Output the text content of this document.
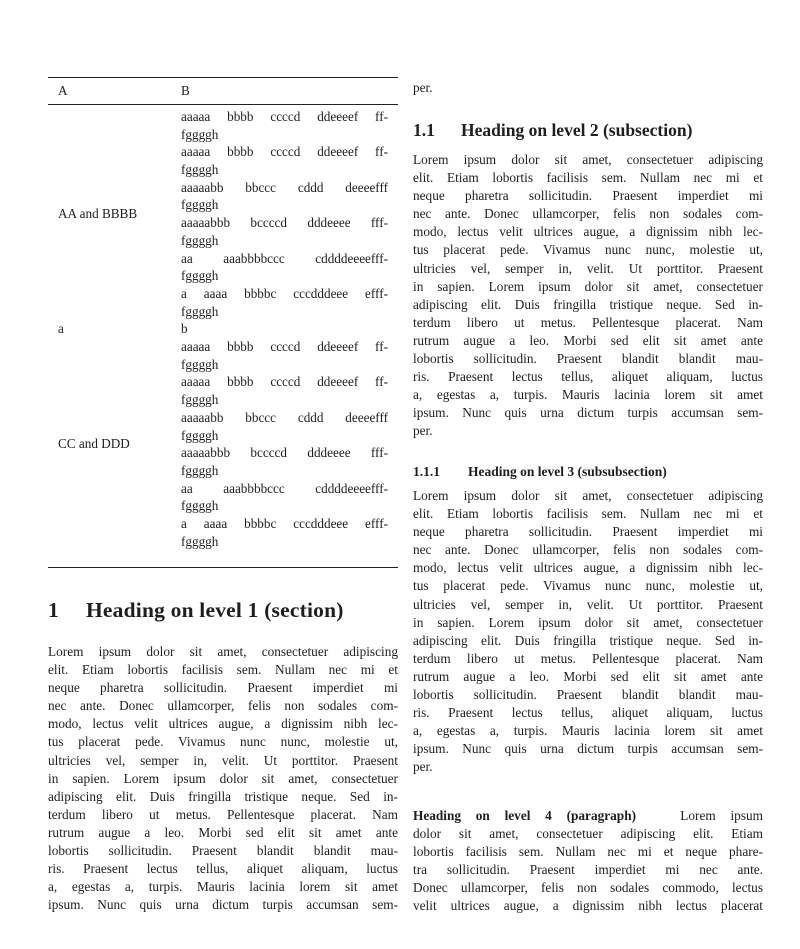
A	B
aaaaa bbbb ccccd ddeeeef ff-
fggggh
aaaaa bbbb ccccd ddeeeef ff-
fggggh
aaaaabb bbccc cddd deeeefff
fggggh
aaaaabbb bccccd dddeeee fff-
fggggh
aa aaabbbbccc cddddeeeefff-
fggggh
a aaaa bbbbc cccdddeee efff-
fggggh
AA and BBBB
b
a
aaaaa bbbb ccccd ddeeeef ff-
fggggh
aaaaa bbbb ccccd ddeeeef ff-
fggggh
aaaaabb bbccc cddd deeeefff
fggggh
aaaaabbb bccccd dddeeee fff-
fggggh
aa aaabbbbccc cddddeeeefff-
fggggh
a aaaa bbbbc cccdddeee efff-
fggggh
CC and DDD
1 Heading on level 1 (section)
Lorem ipsum dolor sit amet, consectetuer adipiscing
elit. Etiam lobortis facilisis sem. Nullam nec mi et
neque pharetra sollicitudin. Praesent imperdiet mi
nec ante. Donec ullamcorper, felis non sodales com-
modo, lectus velit ultrices augue, a dignissim nibh lec-
tus placerat pede. Vivamus nunc nunc, molestie ut,
ultricies vel, semper in, velit. Ut porttitor. Praesent
in sapien. Lorem ipsum dolor sit amet, consectetuer
adipiscing elit. Duis fringilla tristique neque. Sed in-
terdum libero ut metus. Pellentesque placerat. Nam
rutrum augue a leo. Morbi sed elit sit amet ante
lobortis sollicitudin. Praesent blandit blandit mau-
ris. Praesent lectus tellus, aliquet aliquam, luctus
a, egestas a, turpis. Mauris lacinia lorem sit amet
ipsum. Nunc quis urna dictum turpis accumsan sem-
per.
1.1 Heading on level 2 (subsection)
Lorem ipsum dolor sit amet, consectetuer adipiscing
elit. Etiam lobortis facilisis sem. Nullam nec mi et
neque pharetra sollicitudin. Praesent imperdiet mi
nec ante. Donec ullamcorper, felis non sodales com-
modo, lectus velit ultrices augue, a dignissim nibh lec-
tus placerat pede. Vivamus nunc nunc, molestie ut,
ultricies vel, semper in, velit. Ut porttitor. Praesent
in sapien. Lorem ipsum dolor sit amet, consectetuer
adipiscing elit. Duis fringilla tristique neque. Sed in-
terdum libero ut metus. Pellentesque placerat. Nam
rutrum augue a leo. Morbi sed elit sit amet ante
lobortis sollicitudin. Praesent blandit blandit mau-
ris. Praesent lectus tellus, aliquet aliquam, luctus
a, egestas a, turpis. Mauris lacinia lorem sit amet
ipsum. Nunc quis urna dictum turpis accumsan sem-
per.
1.1.1 Heading on level 3 (subsubsection)
Lorem ipsum dolor sit amet, consectetuer adipiscing
elit. Etiam lobortis facilisis sem. Nullam nec mi et
neque pharetra sollicitudin. Praesent imperdiet mi
nec ante. Donec ullamcorper, felis non sodales com-
modo, lectus velit ultrices augue, a dignissim nibh lec-
tus placerat pede. Vivamus nunc nunc, molestie ut,
ultricies vel, semper in, velit. Ut porttitor. Praesent
in sapien. Lorem ipsum dolor sit amet, consectetuer
adipiscing elit. Duis fringilla tristique neque. Sed in-
terdum libero ut metus. Pellentesque placerat. Nam
rutrum augue a leo. Morbi sed elit sit amet ante
lobortis sollicitudin. Praesent blandit blandit mau-
ris. Praesent lectus tellus, aliquet aliquam, luctus
a, egestas a, turpis. Mauris lacinia lorem sit amet
ipsum. Nunc quis urna dictum turpis accumsan sem-
per.
Heading on level 4 (paragraph)	Lorem ipsum
dolor sit amet, consectetuer adipiscing elit. Etiam
lobortis facilisis sem. Nullam nec mi et neque phare-
tra sollicitudin. Praesent imperdiet mi nec ante.
Donec ullamcorper, felis non sodales commodo, lectus
velit ultrices augue, a dignissim nibh lectus placerat
